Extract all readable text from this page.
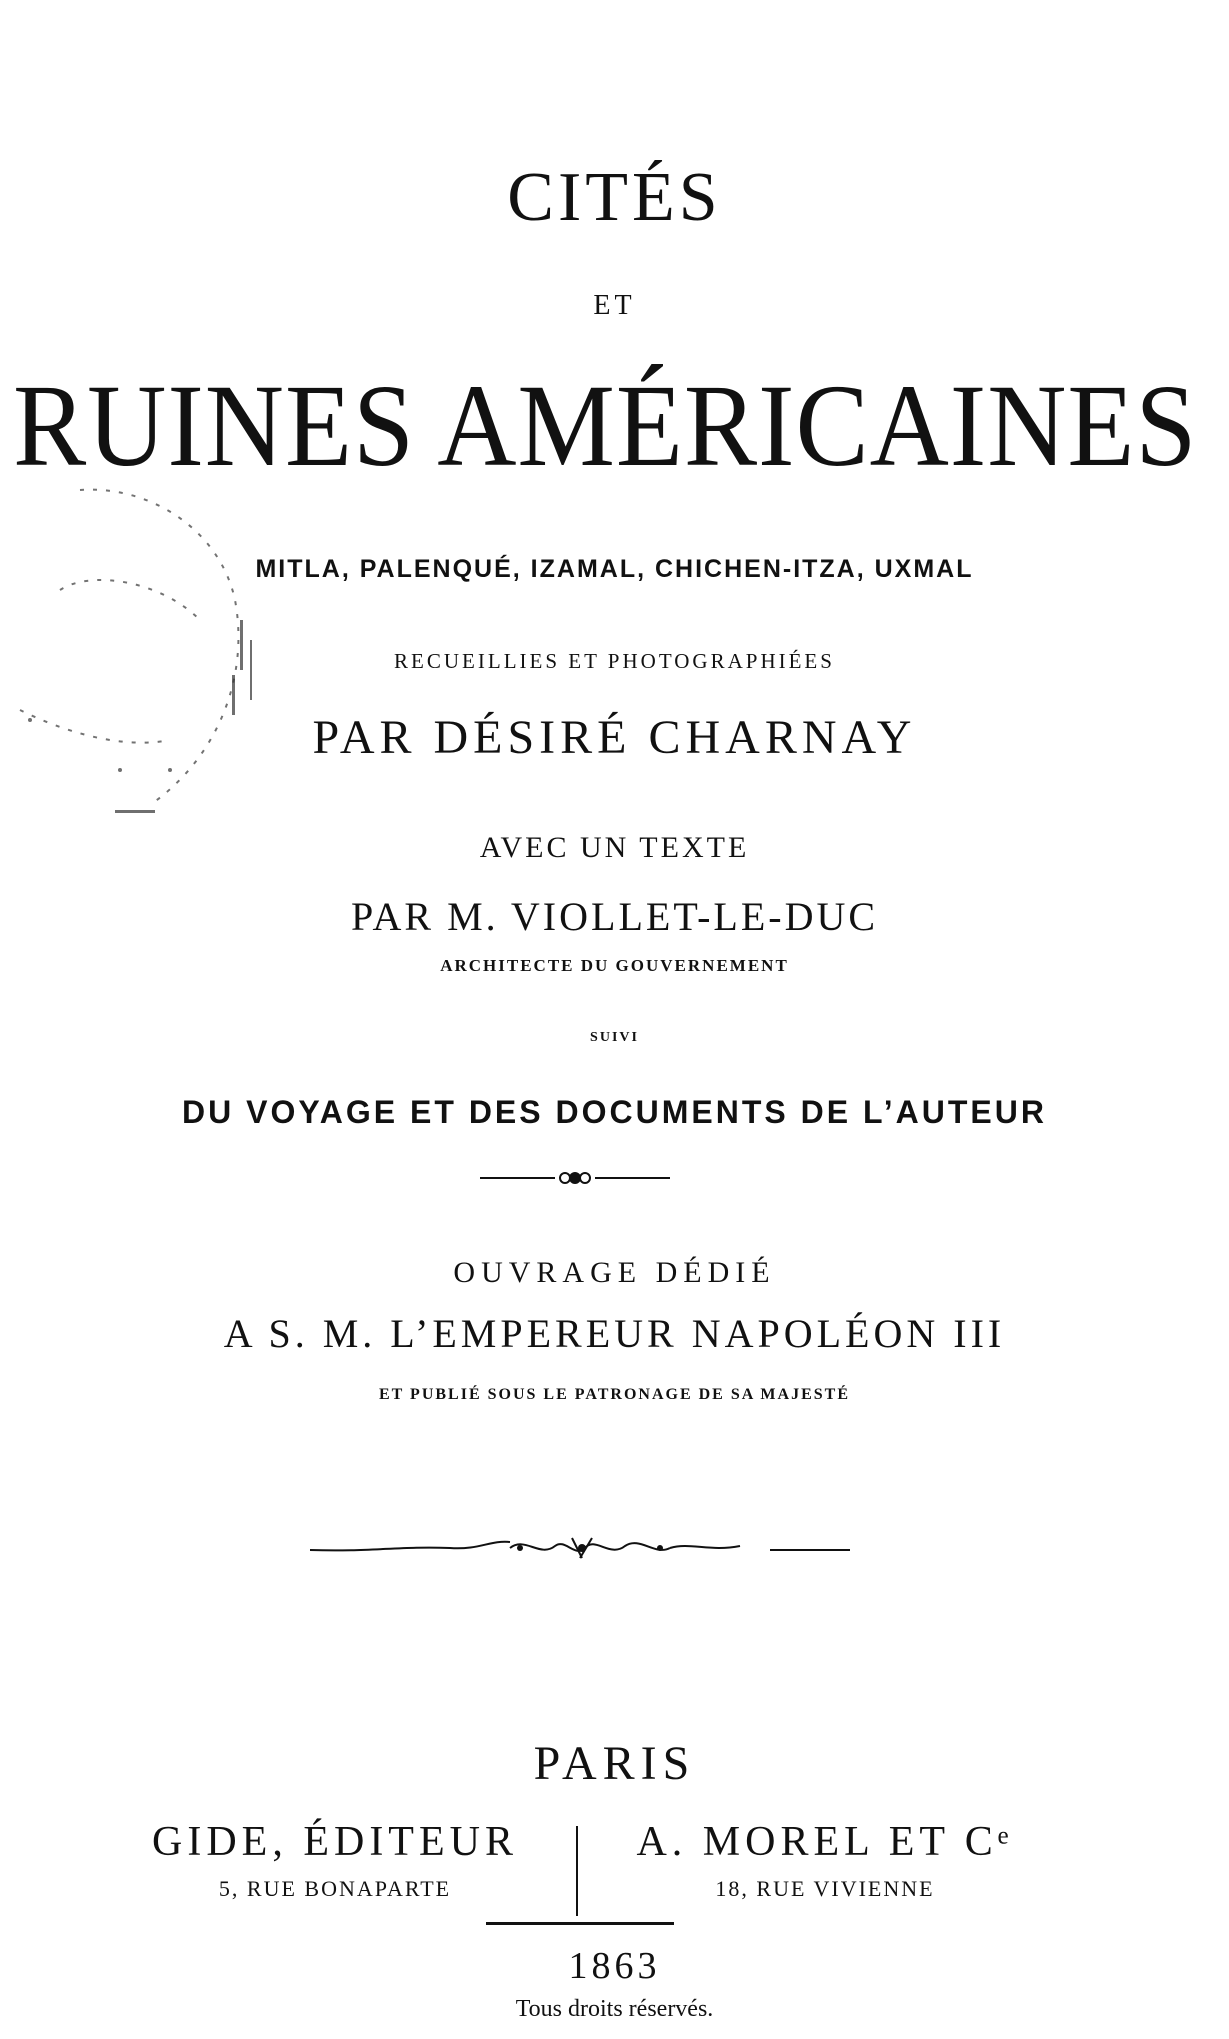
CITÉS

ET

RUINES AMÉRICAINES

MITLA, PALENQUÉ, IZAMAL, CHICHEN-ITZA, UXMAL

RECUEILLIES ET PHOTOGRAPHIÉES

PAR DÉSIRÉ CHARNAY

AVEC UN TEXTE

PAR M. VIOLLET-LE-DUC

ARCHITECTE DU GOUVERNEMENT

SUIVI

DU VOYAGE ET DES DOCUMENTS DE L’AUTEUR

OUVRAGE DÉDIÉ

A S. M. L’EMPEREUR NAPOLÉON III

ET PUBLIÉ SOUS LE PATRONAGE DE SA MAJESTÉ

PARIS

GIDE, ÉDITEUR

5, RUE BONAPARTE

A. MOREL ET Cᵉ

18, RUE VIVIENNE

1863

Tous droits réservés.
